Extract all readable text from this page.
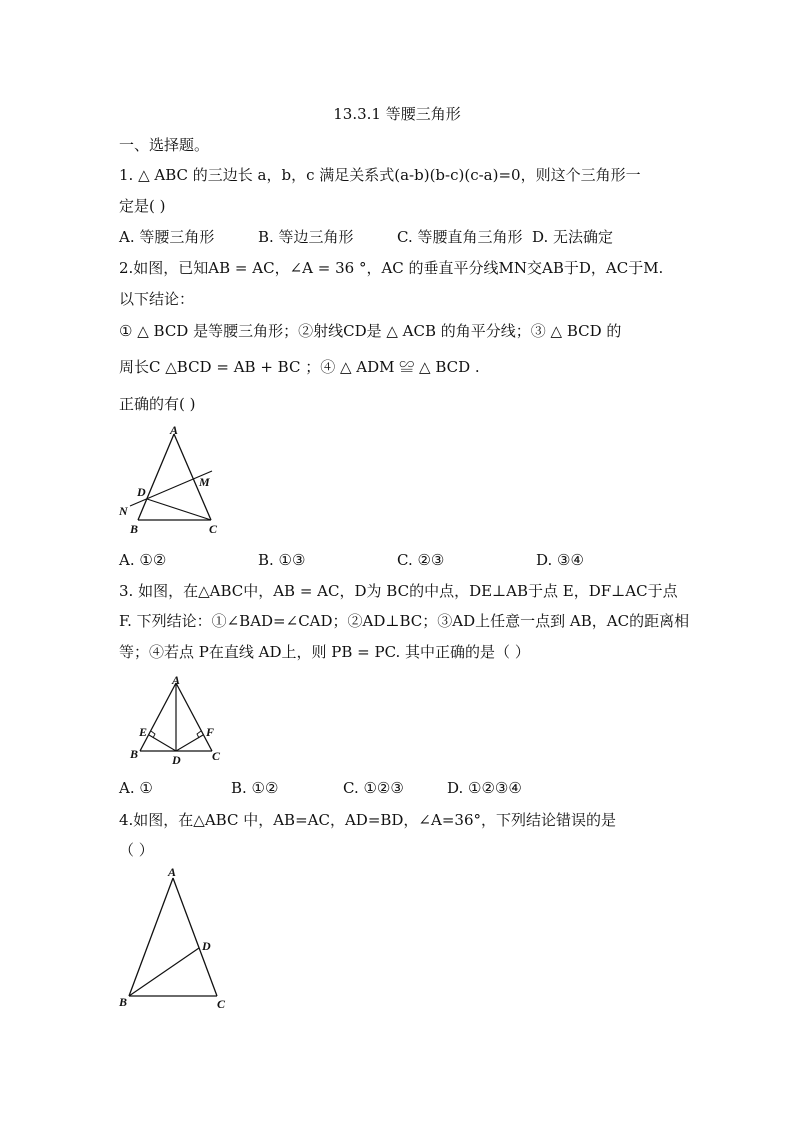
13.3.1 等腰三角形
一、选择题。
1. △ ABC 的三边长 a，b，c 满足关系式(a-b)(b-c)(c-a)=0，则这个三角形一
定是( )
A. 等腰三角形	B. 等边三角形	C. 等腰直角三角形 D. 无法确定
2.如图，已知AB = AC，∠A = 36 °，AC 的垂直平分线MN交AB于D，AC于M.
以下结论：
① △ BCD 是等腰三角形；②射线CD是 △ ACB 的角平分线；③ △ BCD 的
周长C △BCD = AB + BC ；④ △ ADM ≌ △ BCD .
正确的有( )
A
B	C
D
M
N
A. ①②	B. ①③	C. ②③	D. ③④
3. 如图，在△ABC中，AB = AC，D为 BC的中点，DE⊥AB于点 E，DF⊥AC于点
F. 下列结论：①∠BAD=∠CAD；②AD⊥BC；③AD上任意一点到 AB，AC的距离相
等；④若点 P在直线 AD上，则 PB = PC. 其中正确的是（ ）
A
B	C
D
E	F
A. ①	B. ①②	C. ①②③	D. ①②③④
4.如图，在△ABC 中，AB=AC，AD=BD，∠A=36°，下列结论错误的是
（ ）
A
B	C
D
